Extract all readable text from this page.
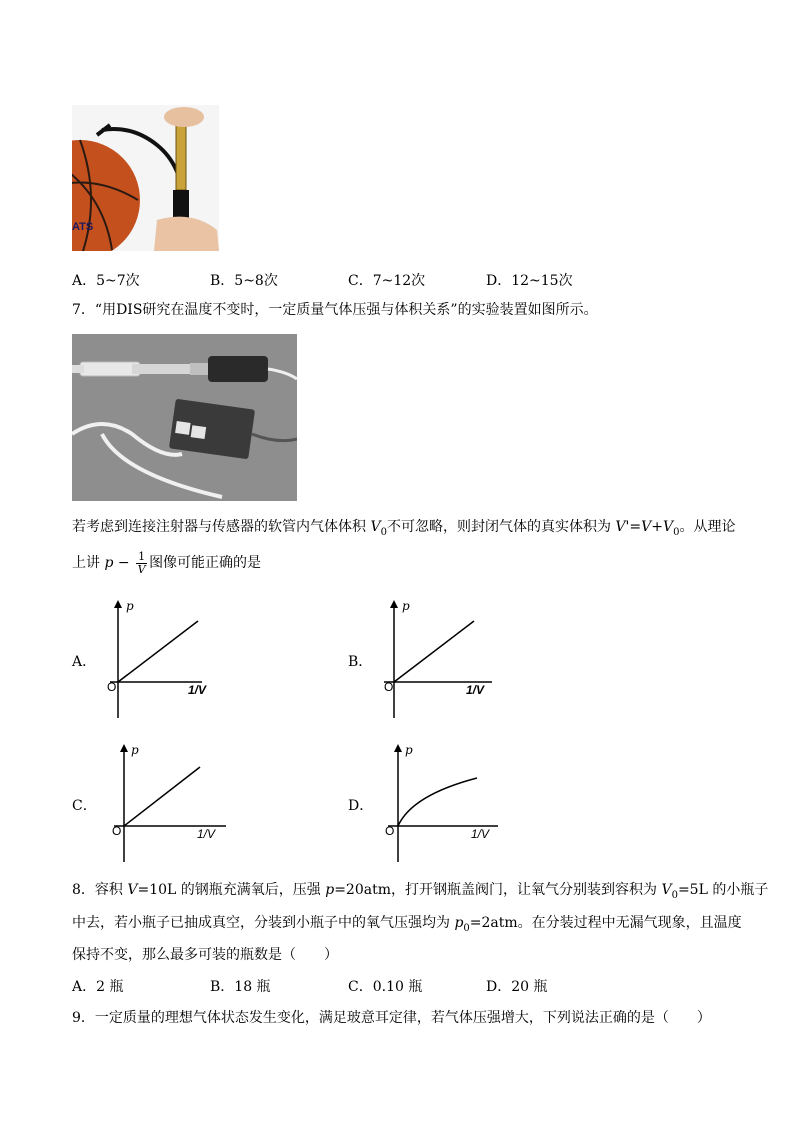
ATS
A．5~7次	B．5~8次	C．7~12次	D．12~15次
7．“用DIS研究在温度不变时，一定质量气体压强与体积关系”的实验装置如图所示。
若考虑到连接注射器与传感器的软管内气体体积 $V_0$不可忽略，则封闭气体的真实体积为 $V'=V+V_0$。从理论
上讲 $p - \frac{1}{V}$ 图像可能正确的是
A．
p
O	1/V
B．
p
O	1/V
C．
p
O	1/V
D．
p
O	1/V
8．容积 V=10L 的钢瓶充满氧后，压强 p=20atm，打开钢瓶盖阀门，让氧气分别装到容积为 $V_0=5L$ 的小瓶子
中去，若小瓶子已抽成真空，分装到小瓶子中的氧气压强均为 $p_0=2atm$。在分装过程中无漏气现象，且温度
保持不变，那么最多可装的瓶数是（　　）
A．2 瓶	B．18 瓶	C．0.10 瓶	D．20 瓶
9．一定质量的理想气体状态发生变化，满足玻意耳定律，若气体压强增大，下列说法正确的是（　　）
